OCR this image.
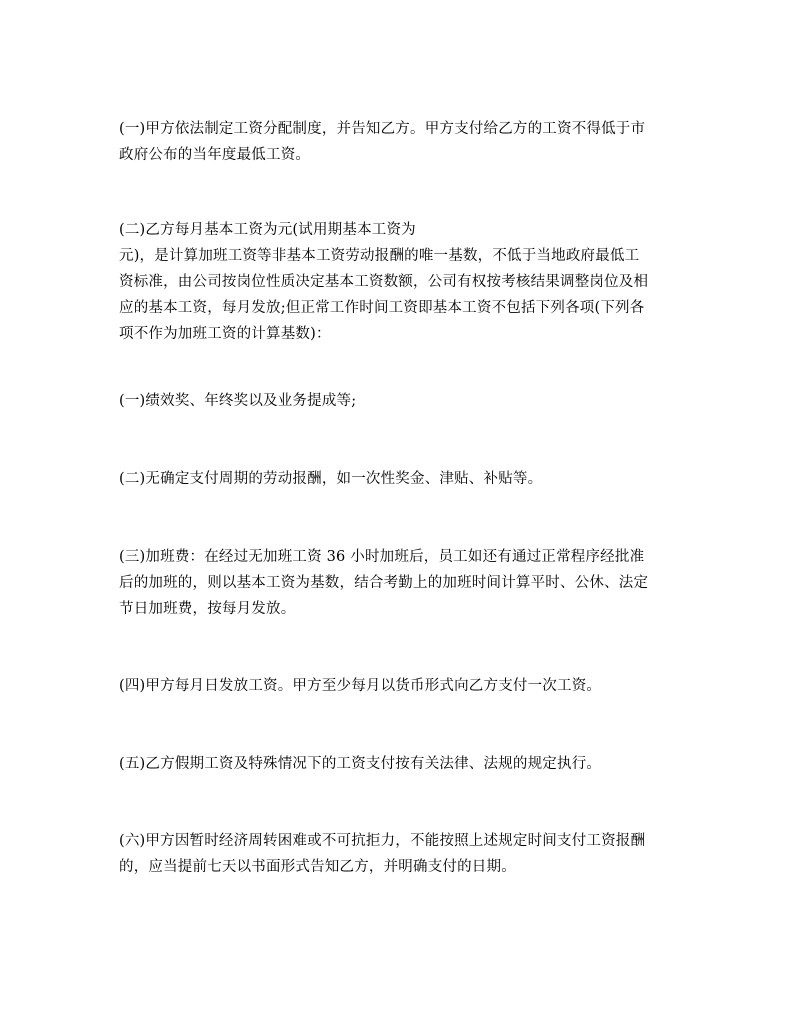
(一)甲方依法制定工资分配制度，并告知乙方。甲方支付给乙方的工资不得低于市
政府公布的当年度最低工资。
(二)乙方每月基本工资为元(试用期基本工资为
元)，是计算加班工资等非基本工资劳动报酬的唯一基数，不低于当地政府最低工
资标准，由公司按岗位性质决定基本工资数额，公司有权按考核结果调整岗位及相
应的基本工资，每月发放;但正常工作时间工资即基本工资不包括下列各项(下列各
项不作为加班工资的计算基数)：
(一)绩效奖、年终奖以及业务提成等;
(二)无确定支付周期的劳动报酬，如一次性奖金、津贴、补贴等。
(三)加班费：在经过无加班工资 36 小时加班后，员工如还有通过正常程序经批准
后的加班的，则以基本工资为基数，结合考勤上的加班时间计算平时、公休、法定
节日加班费，按每月发放。
(四)甲方每月日发放工资。甲方至少每月以货币形式向乙方支付一次工资。
(五)乙方假期工资及特殊情况下的工资支付按有关法律、法规的规定执行。
(六)甲方因暂时经济周转困难或不可抗拒力，不能按照上述规定时间支付工资报酬
的，应当提前七天以书面形式告知乙方，并明确支付的日期。
